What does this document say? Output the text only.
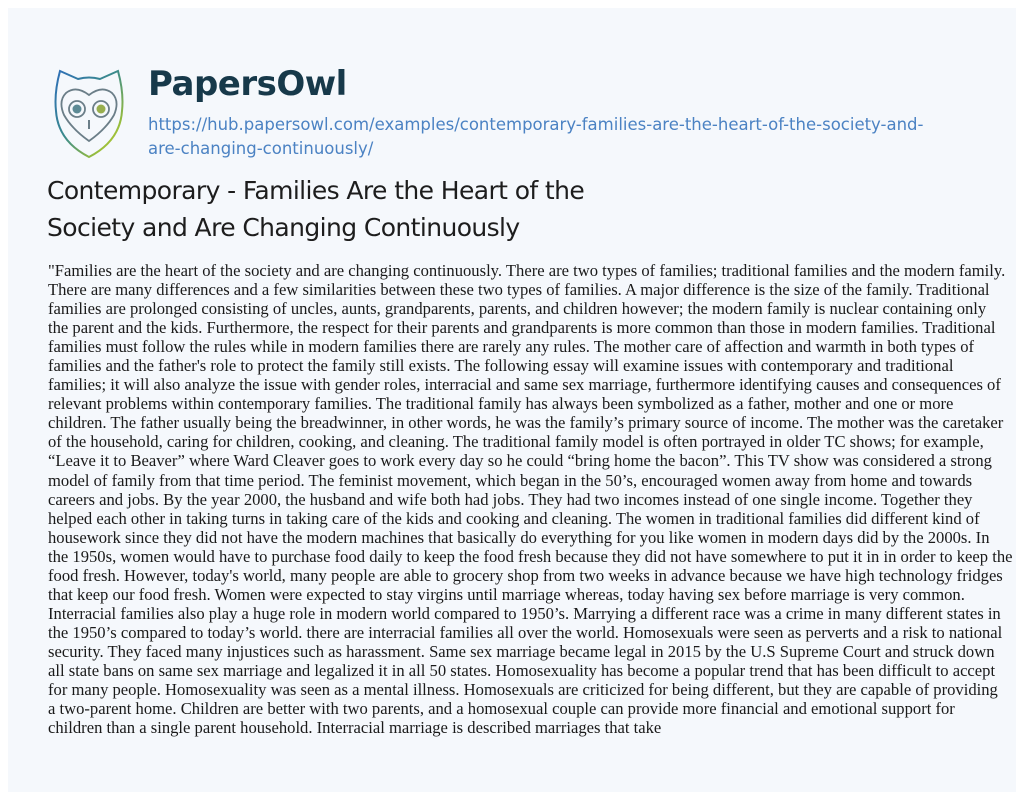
PapersOwl
https://hub.papersowl.com/examples/contemporary-families-are-the-heart-of-the-society-and-
are-changing-continuously/
Contemporary - Families Are the Heart of the
Society and Are Changing Continuously
"Families are the heart of the society and are changing continuously. There are two types of families; traditional families and the modern family.
There are many differences and a few similarities between these two types of families. A major difference is the size of the family. Traditional
families are prolonged consisting of uncles, aunts, grandparents, parents, and children however; the modern family is nuclear containing only
the parent and the kids. Furthermore, the respect for their parents and grandparents is more common than those in modern families. Traditional
families must follow the rules while in modern families there are rarely any rules. The mother care of affection and warmth in both types of
families and the father's role to protect the family still exists. The following essay will examine issues with contemporary and traditional
families; it will also analyze the issue with gender roles, interracial and same sex marriage, furthermore identifying causes and consequences of
relevant problems within contemporary families. The traditional family has always been symbolized as a father, mother and one or more
children. The father usually being the breadwinner, in other words, he was the family’s primary source of income. The mother was the caretaker
of the household, caring for children, cooking, and cleaning. The traditional family model is often portrayed in older TC shows; for example,
“Leave it to Beaver” where Ward Cleaver goes to work every day so he could “bring home the bacon”. This TV show was considered a strong
model of family from that time period. The feminist movement, which began in the 50’s, encouraged women away from home and towards
careers and jobs. By the year 2000, the husband and wife both had jobs. They had two incomes instead of one single income. Together they
helped each other in taking turns in taking care of the kids and cooking and cleaning. The women in traditional families did different kind of
housework since they did not have the modern machines that basically do everything for you like women in modern days did by the 2000s. In
the 1950s, women would have to purchase food daily to keep the food fresh because they did not have somewhere to put it in in order to keep the
food fresh. However, today's world, many people are able to grocery shop from two weeks in advance because we have high technology fridges
that keep our food fresh. Women were expected to stay virgins until marriage whereas, today having sex before marriage is very common.
Interracial families also play a huge role in modern world compared to 1950’s. Marrying a different race was a crime in many different states in
the 1950’s compared to today’s world. there are interracial families all over the world. Homosexuals were seen as perverts and a risk to national
security. They faced many injustices such as harassment. Same sex marriage became legal in 2015 by the U.S Supreme Court and struck down
all state bans on same sex marriage and legalized it in all 50 states. Homosexuality has become a popular trend that has been difficult to accept
for many people. Homosexuality was seen as a mental illness. Homosexuals are criticized for being different, but they are capable of providing
a two-parent home. Children are better with two parents, and a homosexual couple can provide more financial and emotional support for
children than a single parent household. Interracial marriage is described marriages that take
